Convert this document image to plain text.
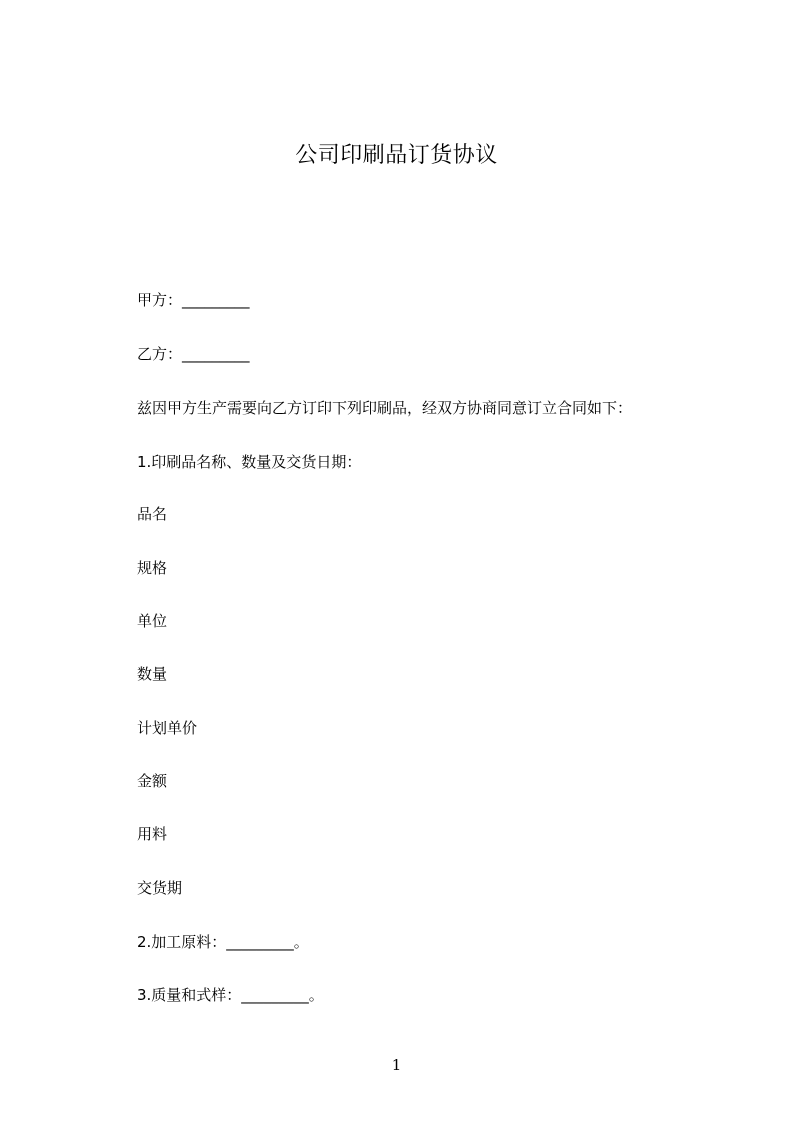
公司印刷品订货协议
甲方：_________
乙方：_________
兹因甲方生产需要向乙方订印下列印刷品，经双方协商同意订立合同如下：
1.印刷品名称、数量及交货日期：
品名
规格
单位
数量
计划单价
金额
用料
交货期
2.加工原料：_________。
3.质量和式样：_________。
1
